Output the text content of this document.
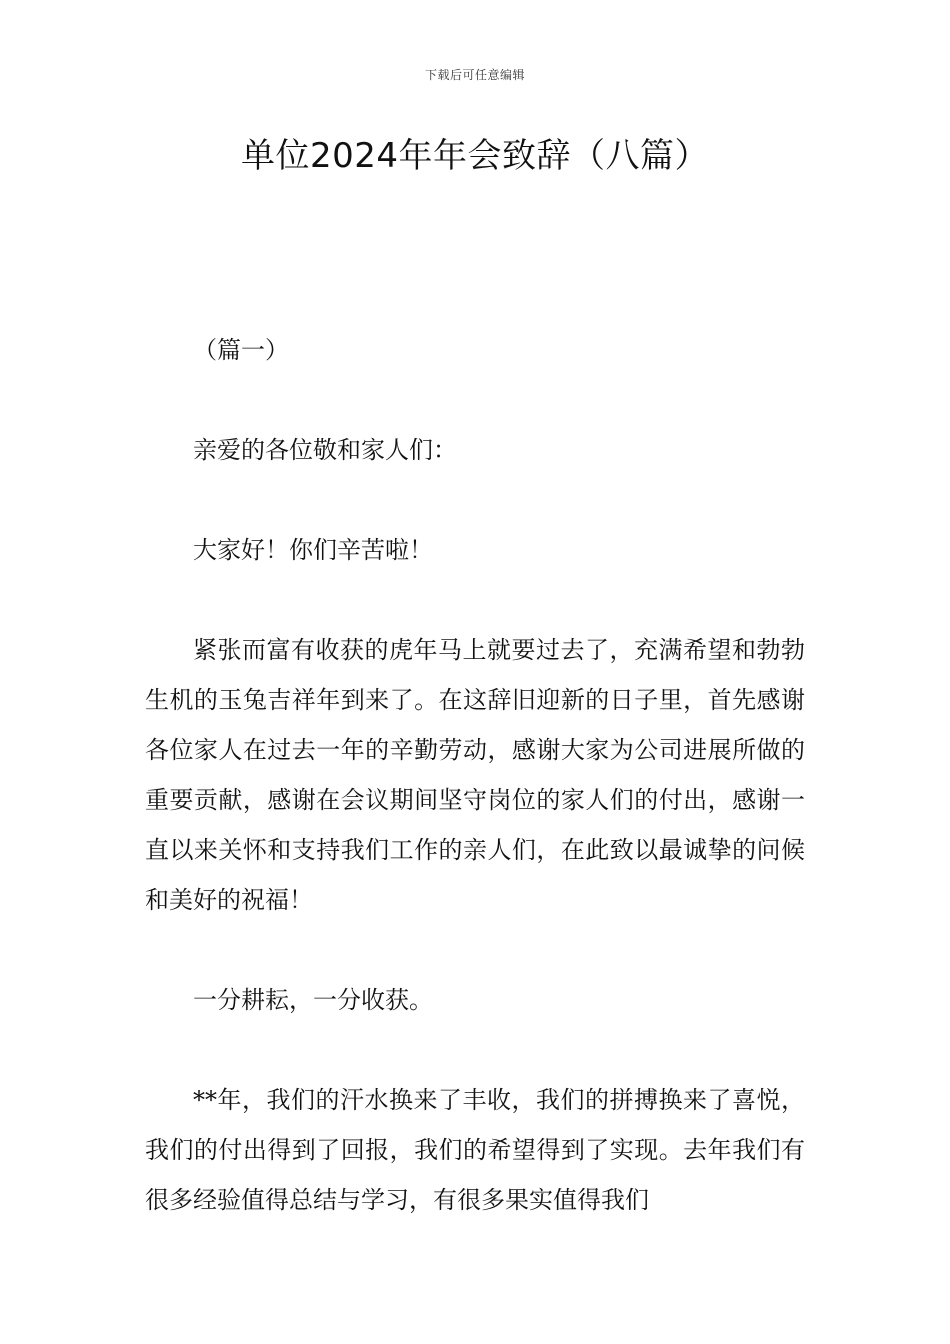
下载后可任意编辑
单位2024年年会致辞（八篇）

（篇一）

亲爱的各位敬和家人们：

大家好！你们辛苦啦！

紧张而富有收获的虎年马上就要过去了，充满希望和勃勃生机的玉兔吉祥年到来了。在这辞旧迎新的日子里，首先感谢各位家人在过去一年的辛勤劳动，感谢大家为公司进展所做的重要贡献，感谢在会议期间坚守岗位的家人们的付出，感谢一直以来关怀和支持我们工作的亲人们，在此致以最诚挚的问候和美好的祝福！

一分耕耘，一分收获。

**年，我们的汗水换来了丰收，我们的拼搏换来了喜悦，我们的付出得到了回报，我们的希望得到了实现。去年我们有很多经验值得总结与学习，有很多果实值得我们
